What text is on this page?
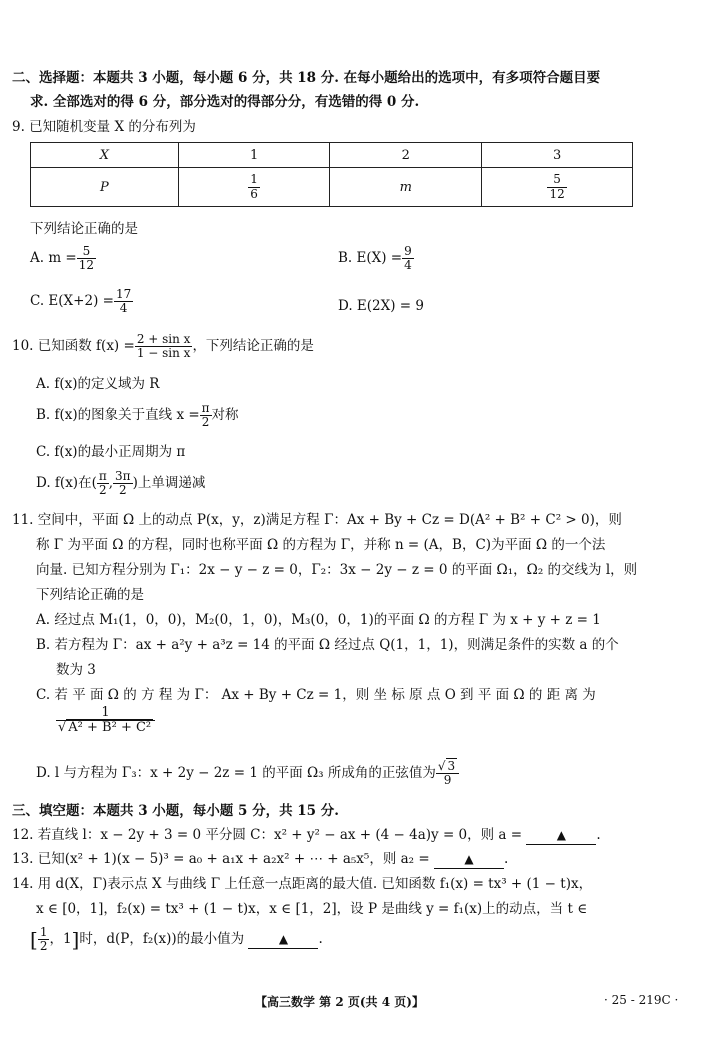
二、选择题：本题共 3 小题，每小题 6 分，共 18 分. 在每小题给出的选项中，有多项符合题目要
求. 全部选对的得 6 分，部分选对的得部分分，有选错的得 0 分.
9. 已知随机变量 X 的分布列为
X	1	2	3
P	$\frac{1}{6}$	m	$\frac{5}{12}$
下列结论正确的是
A. $m = \frac{5}{12}$	B. $E(X) = \frac{9}{4}$
C. $E(X+2) = \frac{17}{4}$	D. E(2X) = 9
10. 已知函数 $f(x) = \frac{\text{2 + sin x}}{\text{1 − sin x}}$ ，下列结论正确的是
A. f(x)的定义域为 R
B. f(x)的图象关于直线 $x = \frac{\pi}{2}$ 对称
C. f(x)的最小正周期为 π
D. f(x)在( $\frac{\pi}{2}$ , $\frac{3\pi}{2}$ )上单调递减
11. 空间中，平面 Ω 上的动点 P(x，y，z)满足方程 Γ：Ax + By + Cz = D(A² + B² + C² > 0)，则
称 Γ 为平面 Ω 的方程，同时也称平面 Ω 的方程为 Γ，并称 n = (A，B，C)为平面 Ω 的一个法
向量. 已知方程分别为 Γ₁：2x − y − z = 0，Γ₂：3x − 2y − z = 0 的平面 Ω₁，Ω₂ 的交线为 l，则
下列结论正确的是
A. 经过点 M₁(1，0，0)，M₂(0，1，0)，M₃(0，0，1)的平面 Ω 的方程 Γ 为 x + y + z = 1
B. 若方程为 Γ：ax + a²y + a³z = 14 的平面 Ω 经过点 Q(1，1，1)，则满足条件的实数 a 的个
数为 3
C. 若 平 面 Ω 的 方 程 为 Γ： Ax + By + Cz = 1，则 坐 标 原 点 O 到 平 面 Ω 的 距 离 为
$\frac{1}{\text{√ A² + B² + C²}}$
D. l 与方程为 Γ₃：x + 2y − 2z = 1 的平面 Ω₃ 所成角的正弦值为 $\frac{√ 3}{9}$
三、填空题：本题共 3 小题，每小题 5 分，共 15 分.
12. 若直线 l：x − 2y + 3 = 0 平分圆 C：x² + y² − ax + (4 − 4a)y = 0，则 a =	▲ .
13. 已知(x² + 1)(x − 5)³ = a₀ + a₁x + a₂x² + ⋯ + a₅x⁵，则 a₂ =	▲ .
14. 用 d(X，Γ)表示点 X 与曲线 Γ 上任意一点距离的最大值. 已知函数 f₁(x) = tx³ + (1 − t)x，
x ∈ [0，1]，f₂(x) = tx³ + (1 − t)x，x ∈ [1，2]，设 P 是曲线 y = f₁(x)上的动点，当 t ∈
[ $\frac{1}{2}$ ，1]时，d(P，f₂(x))的最小值为	▲ .
【高三数学 第 2 页(共 4 页)】	· 25 - 219C ·
